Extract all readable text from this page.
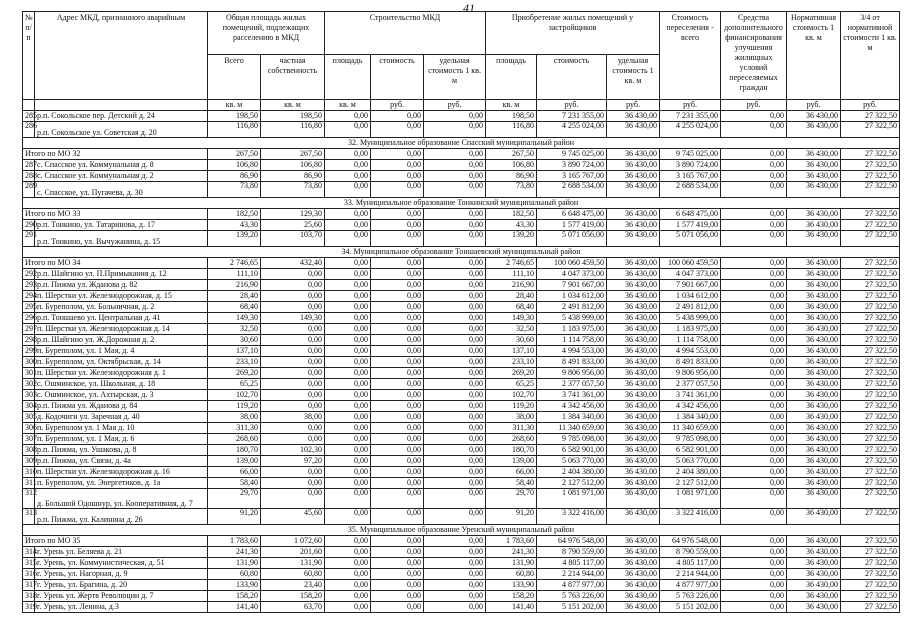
41
№ п/п	Адрес МКД, признанного аварийным	Общая площадь жилых помещений, подлежащих расселению в МКД		Строительство МКД			Приобретение жилых помещений у застройщиков			Стоимость переселения - всего	Средства дополнительного финансирования улучшения жилищных условий переселяемых граждан	Нормативная стоимость 1 кв. м	3/4 от нормативной стоимости 1 кв. м
		Всего	частная собственность	площадь	стоимость	удельная стоимость 1 кв. м	площадь	стоимость	удельная стоимость 1 кв. м				
		кв. м	кв. м	кв. м	руб.	руб.	кв. м	руб.	руб.	руб.	руб.	руб.	руб.
285	р.п. Сокольское пер. Детский д. 24	198,50	198,50	0,00	0,00	0,00	198,50	7 231 355,00	36 430,00	7 231 355,00	0,00	36 430,00	27 322,50
286	р.п. Сокольское ул. Советская д. 20	116,80	116,80	0,00	0,00	0,00	116,80	4 255 024,00	36 430,00	4 255 024,00	0,00	36 430,00	27 322,50
32. Муниципальное образование Спасский муниципальный район													
Итого по МО 32		267,50	267,50	0,00	0,00	0,00	267,50	9 745 025,00	36 430,00	9 745 025,00	0,00	36 430,00	27 322,50
287	с. Спасское ул. Коммунальная д. 8	106,80	106,80	0,00	0,00	0,00	106,80	3 890 724,00	36 430,00	3 890 724,00	0,00	36 430,00	27 322,50
288	с. Спасское ул. Коммунальная д. 2	86,90	86,90	0,00	0,00	0,00	86,90	3 165 767,00	36 430,00	3 165 767,00	0,00	36 430,00	27 322,50
289	с. Спасское, ул. Пугачева, д. 30	73,80	73,80	0,00	0,00	0,00	73,80	2 688 534,00	36 430,00	2 688 534,00	0,00	36 430,00	27 322,50
33. Муниципальное образование Тонкинский муниципальный район													
Итого по МО 33		182,50	129,30	0,00	0,00	0,00	182,50	6 648 475,00	36 430,00	6 648 475,00	0,00	36 430,00	27 322,50
290	р.п. Тонкино, ул. Татаринова, д. 17	43,30	25,60	0,00	0,00	0,00	43,30	1 577 419,00	36 430,00	1 577 419,00	0,00	36 430,00	27 322,50
291	р.п. Тонкино, ул. Вычужанина, д. 15	139,20	103,70	0,00	0,00	0,00	139,20	5 071 056,00	36 430,00	5 071 056,00	0,00	36 430,00	27 322,50
34. Муниципальное образование Тоншаевский муниципальный район													
Итого по МО 34		2 746,65	432,40	0,00	0,00	0,00	2 746,65	100 060 459,50	36 430,00	100 060 459,50	0,00	36 430,00	27 322,50
292	р.п. Шайгино ул. П.Примыкания д. 12	111,10	0,00	0,00	0,00	0,00	111,10	4 047 373,00	36 430,00	4 047 373,00	0,00	36 430,00	27 322,50
293	р.п. Пижма ул. Жданова д. 82	216,90	0,00	0,00	0,00	0,00	216,90	7 901 667,00	36 430,00	7 901 667,00	0,00	36 430,00	27 322,50
294	п. Шерстки ул. Железнодорожная, д. 15	28,40	0,00	0,00	0,00	0,00	28,40	1 034 612,00	36 430,00	1 034 612,00	0,00	36 430,00	27 322,50
295	п. Буреполом, ул. Больничная, д. 2	68,40	0,00	0,00	0,00	0,00	68,40	2 491 812,00	36 430,00	2 491 812,00	0,00	36 430,00	27 322,50
296	р.п. Тоншаево ул. Центральная д. 41	149,30	149,30	0,00	0,00	0,00	149,30	5 438 999,00	36 430,00	5 438 999,00	0,00	36 430,00	27 322,50
297	п. Шерстки ул. Железнодорожная д. 14	32,50	0,00	0,00	0,00	0,00	32,50	1 183 975,00	36 430,00	1 183 975,00	0,00	36 430,00	27 322,50
298	р.п. Шайгино ул. Ж.Дорожная д. 2	30,60	0,00	0,00	0,00	0,00	30,60	1 114 758,00	36 430,00	1 114 758,00	0,00	36 430,00	27 322,50
299	п. Буреполом, ул. 1 Мая, д. 4	137,10	0,00	0,00	0,00	0,00	137,10	4 994 553,00	36 430,00	4 994 553,00	0,00	36 430,00	27 322,50
300	п. Буреполом, ул. Октябрьская, д. 14	233,10	0,00	0,00	0,00	0,00	233,10	8 491 833,00	36 430,00	8 491 833,00	0,00	36 430,00	27 322,50
301	п. Шерстки ул. Железнодорожная д. 1	269,20	0,00	0,00	0,00	0,00	269,20	9 806 956,00	36 430,00	9 806 956,00	0,00	36 430,00	27 322,50
302	с. Ошминское, ул. Школьная, д. 18	65,25	0,00	0,00	0,00	0,00	65,25	2 377 057,50	36 430,00	2 377 057,50	0,00	36 430,00	27 322,50
303	с. Ошминское, ул. Ахтырская, д. 3	102,70	0,00	0,00	0,00	0,00	102,70	3 741 361,00	36 430,00	3 741 361,00	0,00	36 430,00	27 322,50
304	р.п. Пижма ул. Жданова д. 84	119,20	0,00	0,00	0,00	0,00	119,20	4 342 456,00	36 430,00	4 342 456,00	0,00	36 430,00	27 322,50
305	д. Кодочиги ул. Заречная д. 40	38,00	38,00	0,00	0,00	0,00	38,00	1 384 340,00	36 430,00	1 384 340,00	0,00	36 430,00	27 322,50
306	п. Буреполом ул. 1 Мая д. 10	311,30	0,00	0,00	0,00	0,00	311,30	11 340 659,00	36 430,00	11 340 659,00	0,00	36 430,00	27 322,50
307	п. Буреполом, ул. 1 Мая, д. 6	268,60	0,00	0,00	0,00	0,00	268,60	9 785 098,00	36 430,00	9 785 098,00	0,00	36 430,00	27 322,50
308	р.п. Пижма, ул. Ушакова, д. 8	180,70	102,30	0,00	0,00	0,00	180,70	6 582 901,00	36 430,00	6 582 901,00	0,00	36 430,00	27 322,50
309	р.п. Пижма, ул. Связи, д. 4а	139,00	97,20	0,00	0,00	0,00	139,00	5 063 770,00	36 430,00	5 063 770,00	0,00	36 430,00	27 322,50
310	п. Шерстки ул. Железнодорожная д. 16	66,00	0,00	0,00	0,00	0,00	66,00	2 404 380,00	36 430,00	2 404 380,00	0,00	36 430,00	27 322,50
311	п. Буреполом, ул. Энергетиков, д. 1а	58,40	0,00	0,00	0,00	0,00	58,40	2 127 512,00	36 430,00	2 127 512,00	0,00	36 430,00	27 322,50
312	д. Большой Одошнур, ул. Кооперативная, д. 7	29,70	0,00	0,00	0,00	0,00	29,70	1 081 971,00	36 430,00	1 081 971,00	0,00	36 430,00	27 322,50
313	р.п. Пижма, ул. Калинина д. 26	91,20	45,60	0,00	0,00	0,00	91,20	3 322 416,00	36 430,00	3 322 416,00	0,00	36 430,00	27 322,50
35. Муниципальное образование Уренский муниципальный район													
Итого по МО 35		1 783,60	1 072,60	0,00	0,00	0,00	1 783,60	64 976 548,00	36 430,00	64 976 548,00	0,00	36 430,00	27 322,50
314	г. Урень ул. Беляева д. 21	241,30	201,60	0,00	0,00	0,00	241,30	8 790 559,00	36 430,00	8 790 559,00	0,00	36 430,00	27 322,50
315	г. Урень, ул. Коммунистическая, д. 51	131,90	131,90	0,00	0,00	0,00	131,90	4 805 117,00	36 430,00	4 805 117,00	0,00	36 430,00	27 322,50
316	г. Урень, ул. Нагорная, д. 9	60,80	60,80	0,00	0,00	0,00	60,80	2 214 944,00	36 430,00	2 214 944,00	0,00	36 430,00	27 322,50
317	г. Урень, ул. Брагина, д. 20	133,90	23,40	0,00	0,00	0,00	133,90	4 877 977,00	36 430,00	4 877 977,00	0,00	36 430,00	27 322,50
318	г. Урень ул. Жертв Революции д. 7	158,20	158,20	0,00	0,00	0,00	158,20	5 763 226,00	36 430,00	5 763 226,00	0,00	36 430,00	27 322,50
319	г. Урень, ул. Ленина, д.3	141,40	63,70	0,00	0,00	0,00	141,40	5 151 202,00	36 430,00	5 151 202,00	0,00	36 430,00	27 322,50
